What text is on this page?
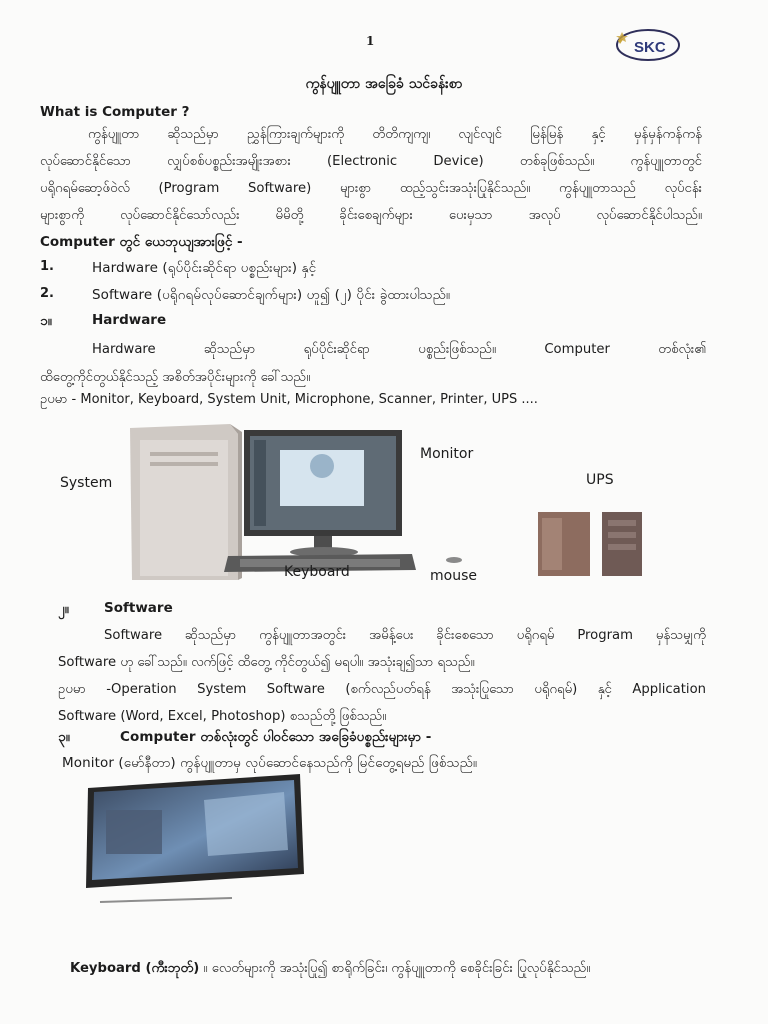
1	SKC
ကွန်ပျူတာ အခြေခံ သင်ခန်းစာ
What is Computer ?
ကွန်ပျူတာ ဆိုသည်မှာ ညွှန်ကြားချက်များကို တိတိကျကျ၊ လျင်လျင် မြန်မြန် နှင့် မှန်မှန်ကန်ကန်
လုပ်ဆောင်နိုင်သော လျှပ်စစ်ပစ္စည်းအမျိုးအစား (Electronic Device) တစ်ခုဖြစ်သည်။ ကွန်ပျူတာတွင်
ပရိုဂရမ်ဆော့ဖ်ဝဲလ် (Program Software) များစွာ ထည့်သွင်းအသုံးပြုနိုင်သည်။ ကွန်ပျူတာသည် လုပ်ငန်း
များစွာကို လုပ်ဆောင်နိုင်သော်လည်း မိမိတို့ ခိုင်းစေချက်များ ပေးမှသာ အလုပ် လုပ်ဆောင်နိုင်ပါသည်။
Computer တွင် ယေဘုယျအားဖြင့် -
1.	Hardware (ရုပ်ပိုင်းဆိုင်ရာ ပစ္စည်းများ) နှင့်
2.	Software (ပရိုဂရမ်လုပ်ဆောင်ချက်များ) ဟူ၍ (၂) ပိုင်း ခွဲထားပါသည်။
၁။	Hardware
Hardware ဆိုသည်မှာ ရုပ်ပိုင်းဆိုင်ရာ ပစ္စည်းဖြစ်သည်။ Computer တစ်လုံး၏
ထိတွေ့ကိုင်တွယ်နိုင်သည့် အစိတ်အပိုင်းများကို ခေါ်သည်။
ဥပမာ - Monitor, Keyboard, System Unit, Microphone, Scanner, Printer, UPS ....
System
Monitor
UPS
Keyboard	mouse
၂။	Software
Software ဆိုသည်မှာ ကွန်ပျူတာအတွင်း အမိန့်ပေး ခိုင်းစေသော ပရိုဂရမ် Program မှန်သမျှကို
Software ဟု ခေါ်သည်။ လက်ဖြင့် ထိတွေ့ ကိုင်တွယ်၍ မရပါ။ အသုံးချ၍သာ ရသည်။
ဥပမာ -Operation System Software (စက်လည်ပတ်ရန် အသုံးပြုသော ပရိုဂရမ်) နှင့် Application
Software (Word, Excel, Photoshop) စသည်တို့ ဖြစ်သည်။
၃။	Computer တစ်လုံးတွင် ပါဝင်သော အခြေခံပစ္စည်းများမှာ -
Monitor (မော်နီတာ) ကွန်ပျူတာမှ လုပ်ဆောင်နေသည်ကို မြင်တွေ့ရမည် ဖြစ်သည်။
Keyboard (ကီးဘုတ်) ။ လေတ်များကို အသုံးပြု၍ စာရိုက်ခြင်း၊ ကွန်ပျူတာကို စေခိုင်းခြင်း ပြုလုပ်နိုင်သည်။
